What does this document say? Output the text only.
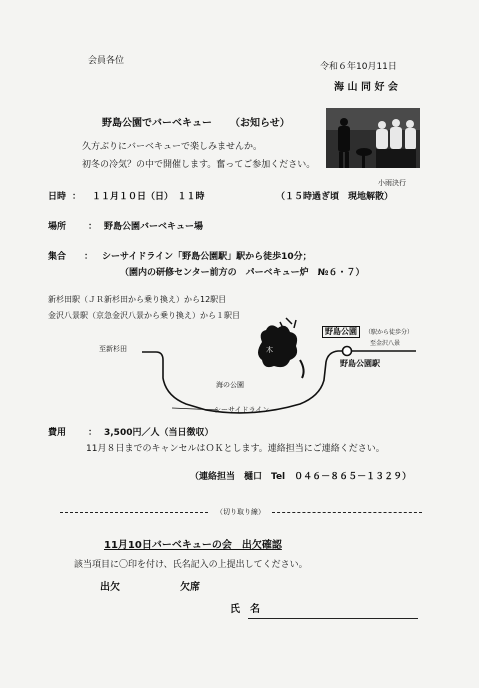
会員各位
令和６年10月11日
海 山 同 好 会
野島公園でバーベキュー （お知らせ）
久方ぶりにバーベキューで楽しみませんか。
初冬の冷気？の中で開催します。奮ってご参加ください。
小雨決行
日時 ： １１月１０日（日）　１１時	（１５時過ぎ頃　現地解散）
場所 ： 野島公園バーベキュー場
集合 ： シーサイドライン「野島公園駅」駅から徒歩10分；
（園内の研修センター前方の　パーベキュー炉　№６・７）
新杉田駅（ＪＲ新杉田から乗り換え）から12駅目
金沢八景駅（京急金沢八景から乗り換え）から１駅目
木
野島公園	（駅から徒歩分）
至金沢八景
至新杉田
野島公園駅
海の公園
シーサイドライン
費用 ： 3,500円／人（当日徴収）
11月８日までのキャンセルはＯＫとします。連絡担当にご連絡ください。
（連絡担当　樋口　Tel　０４６－８６５－１３２９）
（切り取り線）
11月10日バーベキューの会　出欠確認
該当項目に〇印を付け、氏名記入の上提出してください。
出欠	欠席
氏　名
